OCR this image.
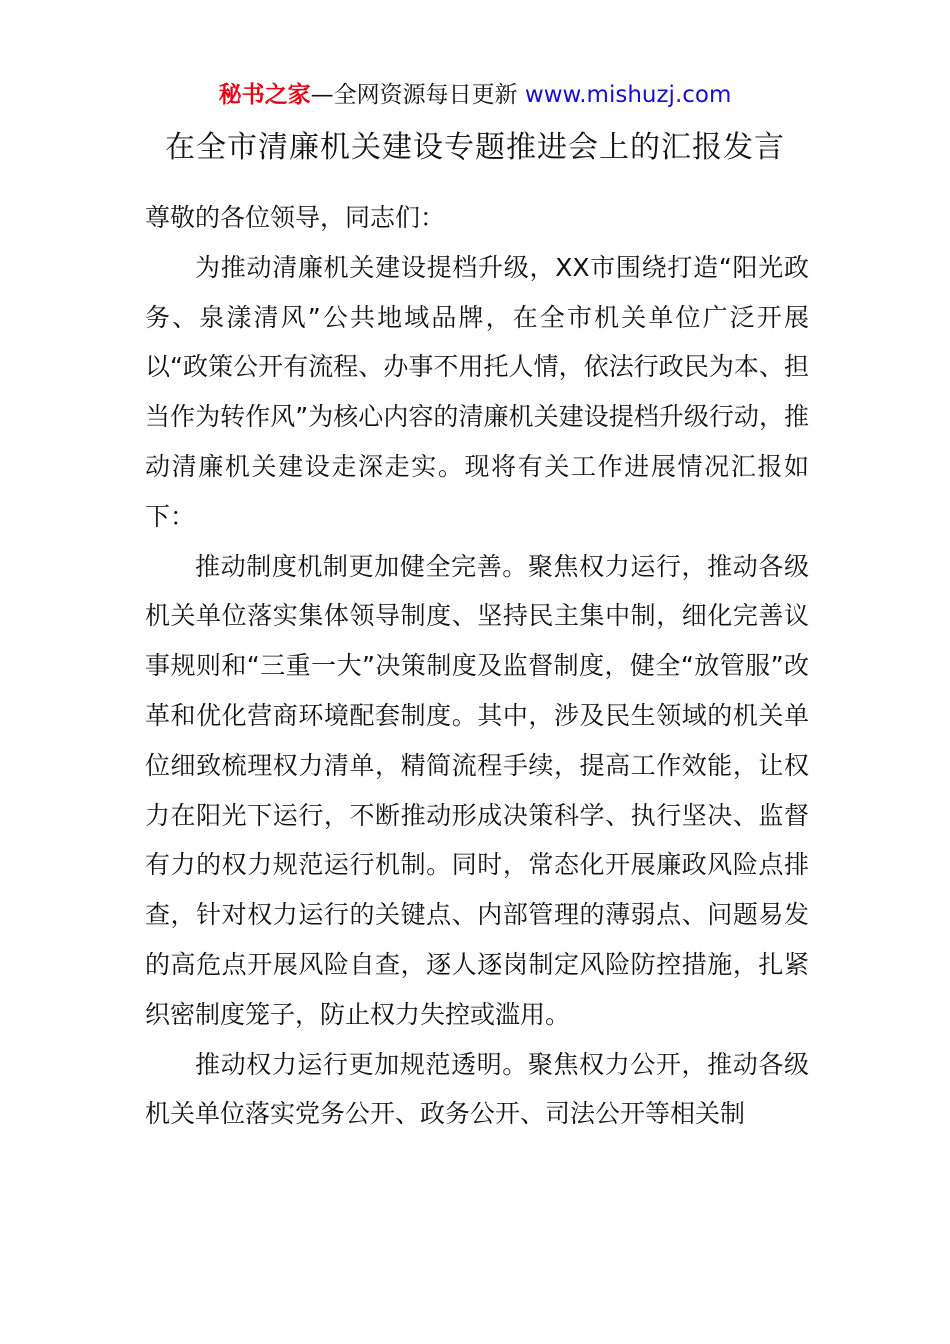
秘书之家—全网资源每日更新 www.mishuzj.com
在全市清廉机关建设专题推进会上的汇报发言

尊敬的各位领导，同志们：

为推动清廉机关建设提档升级，XX市围绕打造“阳光政务、泉漾清风”公共地域品牌，在全市机关单位广泛开展以“政策公开有流程、办事不用托人情，依法行政民为本、担当作为转作风”为核心内容的清廉机关建设提档升级行动，推动清廉机关建设走深走实。现将有关工作进展情况汇报如下：

推动制度机制更加健全完善。聚焦权力运行，推动各级机关单位落实集体领导制度、坚持民主集中制，细化完善议事规则和“三重一大”决策制度及监督制度，健全“放管服”改革和优化营商环境配套制度。其中，涉及民生领域的机关单位细致梳理权力清单，精简流程手续，提高工作效能，让权力在阳光下运行，不断推动形成决策科学、执行坚决、监督有力的权力规范运行机制。同时，常态化开展廉政风险点排查，针对权力运行的关键点、内部管理的薄弱点、问题易发的高危点开展风险自查，逐人逐岗制定风险防控措施，扎紧织密制度笼子，防止权力失控或滥用。

推动权力运行更加规范透明。聚焦权力公开，推动各级机关单位落实党务公开、政务公开、司法公开等相关制
